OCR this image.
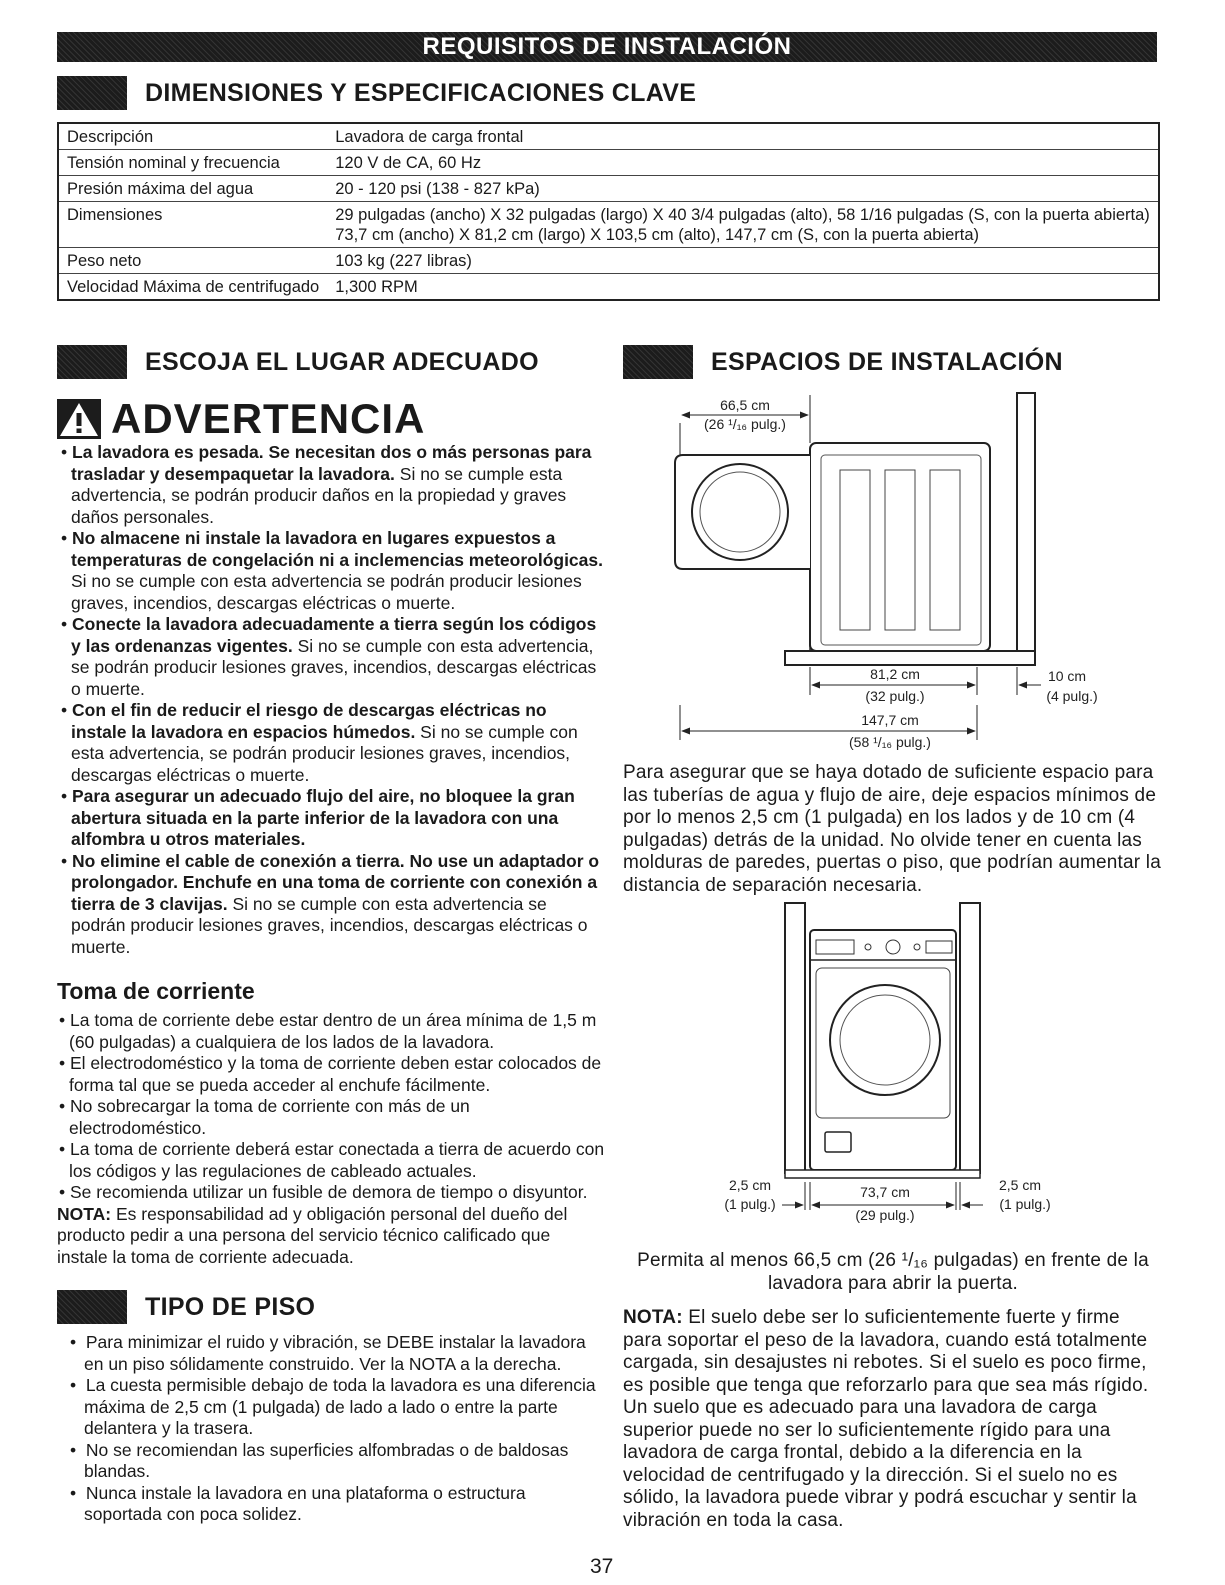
REQUISITOS DE INSTALACIÓN
DIMENSIONES Y ESPECIFICACIONES CLAVE
Descripción	Lavadora de carga frontal
Tensión nominal y frecuencia	120 V de CA, 60 Hz
Presión máxima del agua	20 - 120 psi (138 - 827 kPa)
Dimensiones	29 pulgadas (ancho) X 32 pulgadas (largo) X 40 3/4 pulgadas (alto), 58 1/16 pulgadas (S, con la puerta abierta)
73,7 cm (ancho) X 81,2 cm (largo) X 103,5 cm (alto), 147,7 cm (S, con la puerta abierta)

Peso neto	103 kg (227 libras)
Velocidad Máxima de centrifugado	1,300 RPM
ESCOJA EL LUGAR ADECUADO
ADVERTENCIA

• La lavadora es pesada. Se necesitan dos o más personas para trasladar y desempaquetar la lavadora. Si no se cumple esta advertencia, se podrán producir daños en la propiedad y graves daños personales.

• No almacene ni instale la lavadora en lugares expuestos a temperaturas de congelación ni a inclemencias meteorológicas. Si no se cumple con esta advertencia se podrán producir lesiones graves, incendios, descargas eléctricas o muerte.

• Conecte la lavadora adecuadamente a tierra según los códigos y las ordenanzas vigentes. Si no se cumple con esta advertencia, se podrán producir lesiones graves, incendios, descargas eléctricas o muerte.

• Con el fin de reducir el riesgo de descargas eléctricas no instale la lavadora en espacios húmedos. Si no se cumple con esta advertencia, se podrán producir lesiones graves, incendios, descargas eléctricas o muerte.

• Para asegurar un adecuado flujo del aire, no bloquee la gran abertura situada en la parte inferior de la lavadora con una alfombra u otros materiales.

• No elimine el cable de conexión a tierra. No use un adaptador o prolongador. Enchufe en una toma de corriente con conexión a tierra de 3 clavijas. Si no se cumple con esta advertencia se podrán producir lesiones graves, incendios, descargas eléctricas o muerte.

Toma de corriente

• La toma de corriente debe estar dentro de un área mínima de 1,5 m (60 pulgadas) a cualquiera de los lados de la lavadora.

• El electrodoméstico y la toma de corriente deben estar colocados de forma tal que se pueda acceder al enchufe fácilmente.

• No sobrecargar la toma de corriente con más de un electrodoméstico.

• La toma de corriente deberá estar conectada a tierra de acuerdo con los códigos y las regulaciones de cableado actuales.

• Se recomienda utilizar un fusible de demora de tiempo o disyuntor.

NOTA: Es responsabilidad ad y obligación personal del dueño del producto pedir a una persona del servicio técnico calificado que instale la toma de corriente adecuada.

TIPO DE PISO

•  Para minimizar el ruido y vibración, se DEBE instalar la lavadora en un piso sólidamente construido. Ver la NOTA a la derecha.

•  La cuesta permisible debajo de toda la lavadora es una diferencia máxima de 2,5 cm (1 pulgada) de lado a lado o entre la parte delantera y la trasera.

•  No se recomiendan las superficies alfombradas o de baldosas blandas.

•  Nunca instale la lavadora en una plataforma o estructura soportada con poca solidez.

ESPACIOS DE INSTALACIÓN
66,5 cm
(26 ¹/₁₆ pulg.)
81,2 cm
(32 pulg.)
10 cm
(4 pulg.)
147,7 cm
(58 ¹/₁₆ pulg.)
Para asegurar que se haya dotado de suficiente espacio para las tuberías de agua y flujo de aire, deje espacios mínimos de por lo menos 2,5 cm (1 pulgada) en los lados y de 10 cm (4 pulgadas) detrás de la unidad. No olvide tener en cuenta las molduras de paredes, puertas o piso, que podrían aumentar la distancia de separación necesaria.
2,5 cm
(1 pulg.)
73,7 cm
(29 pulg.)
2,5 cm
(1 pulg.)
Permita al menos 66,5 cm (26 ¹/₁₆ pulgadas) en frente de la lavadora para abrir la puerta.
NOTA: El suelo debe ser lo suficientemente fuerte y firme para soportar el peso de la lavadora, cuando está totalmente cargada, sin desajustes ni rebotes. Si el suelo es poco firme, es posible que tenga que reforzarlo para que sea más rígido. Un suelo que es adecuado para una lavadora de carga superior puede no ser lo suficientemente rígido para una lavadora de carga frontal, debido a la diferencia en la velocidad de centrifugado y la dirección. Si el suelo no es sólido, la lavadora puede vibrar y podrá escuchar y sentir la vibración en toda la casa.
37
